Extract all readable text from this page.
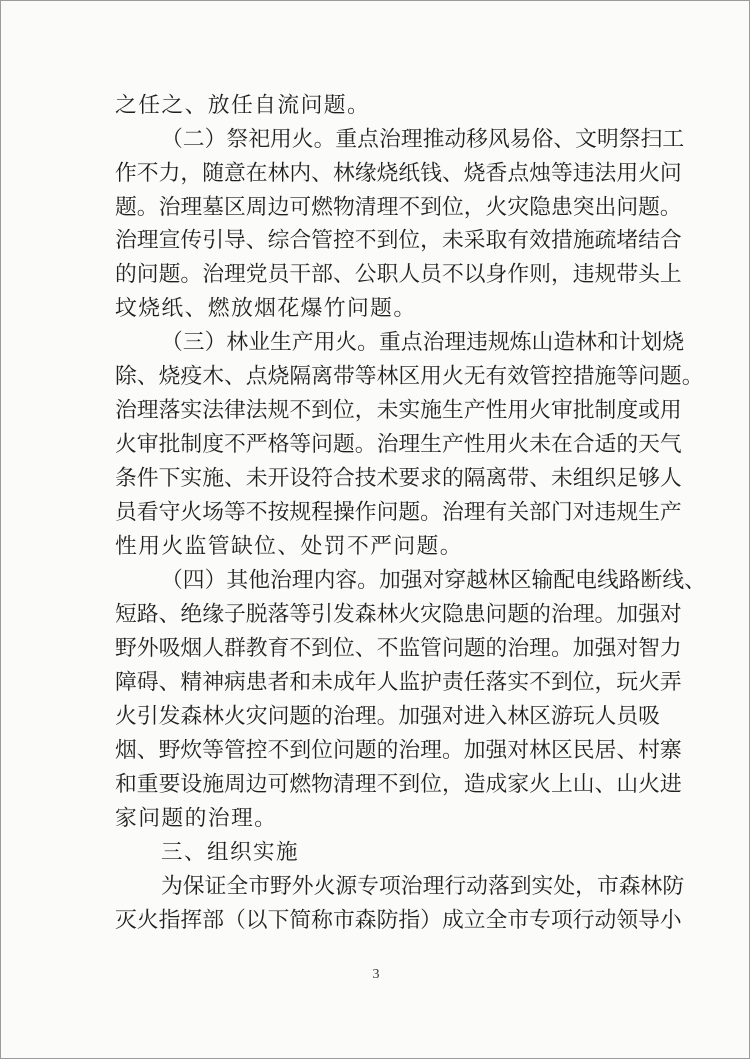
之任之、放任自流问题。
（二）祭祀用火。重点治理推动移风易俗、文明祭扫工
作不力，随意在林内、林缘烧纸钱、烧香点烛等违法用火问
题。治理墓区周边可燃物清理不到位，火灾隐患突出问题。
治理宣传引导、综合管控不到位，未采取有效措施疏堵结合
的问题。治理党员干部、公职人员不以身作则，违规带头上
坟烧纸、燃放烟花爆竹问题。
（三）林业生产用火。重点治理违规炼山造林和计划烧
除、烧疫木、点烧隔离带等林区用火无有效管控措施等问题。
治理落实法律法规不到位，未实施生产性用火审批制度或用
火审批制度不严格等问题。治理生产性用火未在合适的天气
条件下实施、未开设符合技术要求的隔离带、未组织足够人
员看守火场等不按规程操作问题。治理有关部门对违规生产
性用火监管缺位、处罚不严问题。
（四）其他治理内容。加强对穿越林区输配电线路断线、
短路、绝缘子脱落等引发森林火灾隐患问题的治理。加强对
野外吸烟人群教育不到位、不监管问题的治理。加强对智力
障碍、精神病患者和未成年人监护责任落实不到位，玩火弄
火引发森林火灾问题的治理。加强对进入林区游玩人员吸
烟、野炊等管控不到位问题的治理。加强对林区民居、村寨
和重要设施周边可燃物清理不到位，造成家火上山、山火进
家问题的治理。
三、组织实施
为保证全市野外火源专项治理行动落到实处，市森林防
灭火指挥部（以下简称市森防指）成立全市专项行动领导小
3
